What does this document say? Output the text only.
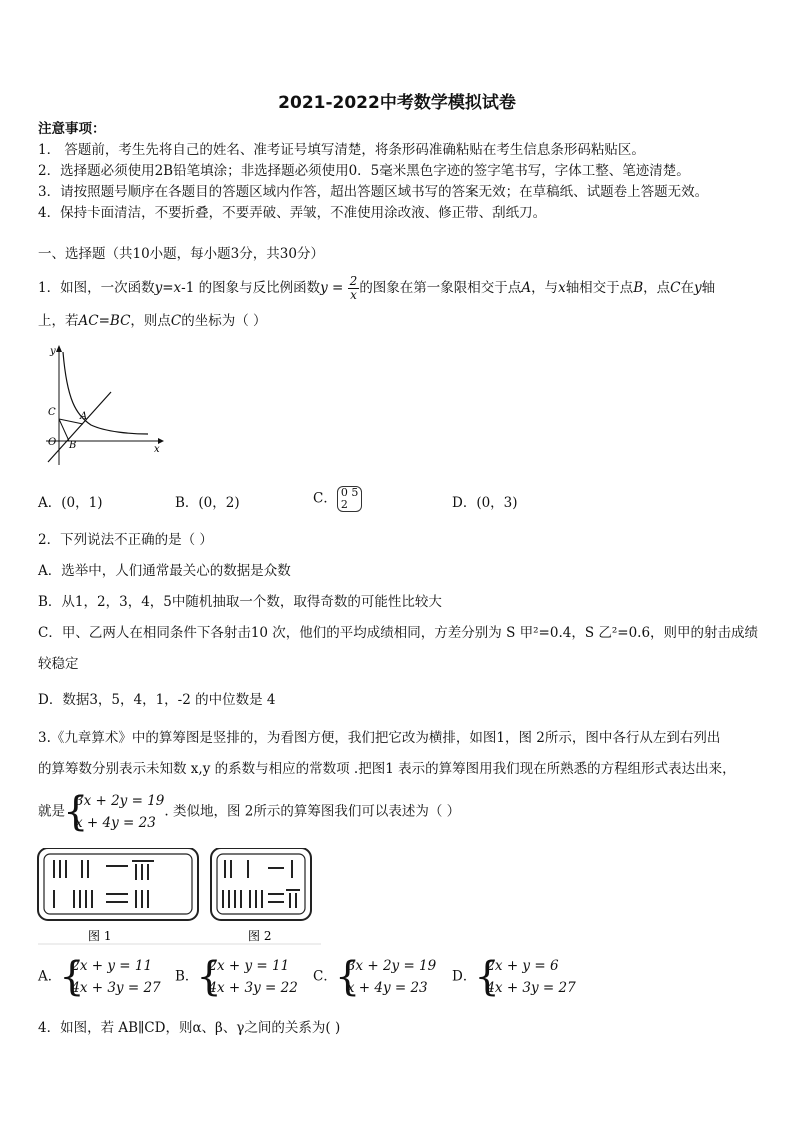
2021-2022中考数学模拟试卷
注意事项：
1． 答题前，考生先将自己的姓名、准考证号填写清楚，将条形码准确粘贴在考生信息条形码粘贴区。
2．选择题必须使用2B铅笔填涂；非选择题必须使用0．5毫米黑色字迹的签字笔书写，字体工整、笔迹清楚。
3．请按照题号顺序在各题目的答题区域内作答，超出答题区域书写的答案无效；在草稿纸、试题卷上答题无效。
4．保持卡面清洁，不要折叠，不要弄破、弄皱，不准使用涂改液、修正带、刮纸刀。
一、选择题（共10小题，每小题3分，共30分）
1．如图，一次函数y=x-1 的图象与反比例函数$y = \frac{2}{x}$ 的图象在第一象限相交于点A，与x轴相交于点B，点C在y轴
上，若AC=BC，则点C的坐标为（ ）
y
x
O B
C A
A．(0，1)	B．(0，2)	C． 0 5
2	D．(0，3)
2．下列说法不正确的是（ ）
A．选举中，人们通常最关心的数据是众数
B．从1，2，3，4，5中随机抽取一个数，取得奇数的可能性比较大
C．甲、乙两人在相同条件下各射击10 次，他们的平均成绩相同，方差分别为 S 甲²=0.4，S 乙²=0.6，则甲的射击成绩
较稳定
D．数据3，5，4，1，-2 的中位数是 4
3.《九章算术》中的算筹图是竖排的，为看图方便，我们把它改为横排，如图1，图 2所示，图中各行从左到右列出
的算筹数分别表示未知数 x,y 的系数与相应的常数项 .把图1 表示的算筹图用我们现在所熟悉的方程组形式表达出来，
就是
{ 3x + 2y = 19
x + 4y = 23
. 类似地，图 2所示的算筹图我们可以表述为（ ）
图 1	图 2
A．
{ 2x + y = 11
4x + 3y = 27
B．
{ 2x + y = 11
4x + 3y = 22
C．
{ 3x + 2y = 19
x + 4y = 23
D．
{ 2x + y = 6
4x + 3y = 27
4．如图，若 AB∥CD，则α、β、γ之间的关系为( )
